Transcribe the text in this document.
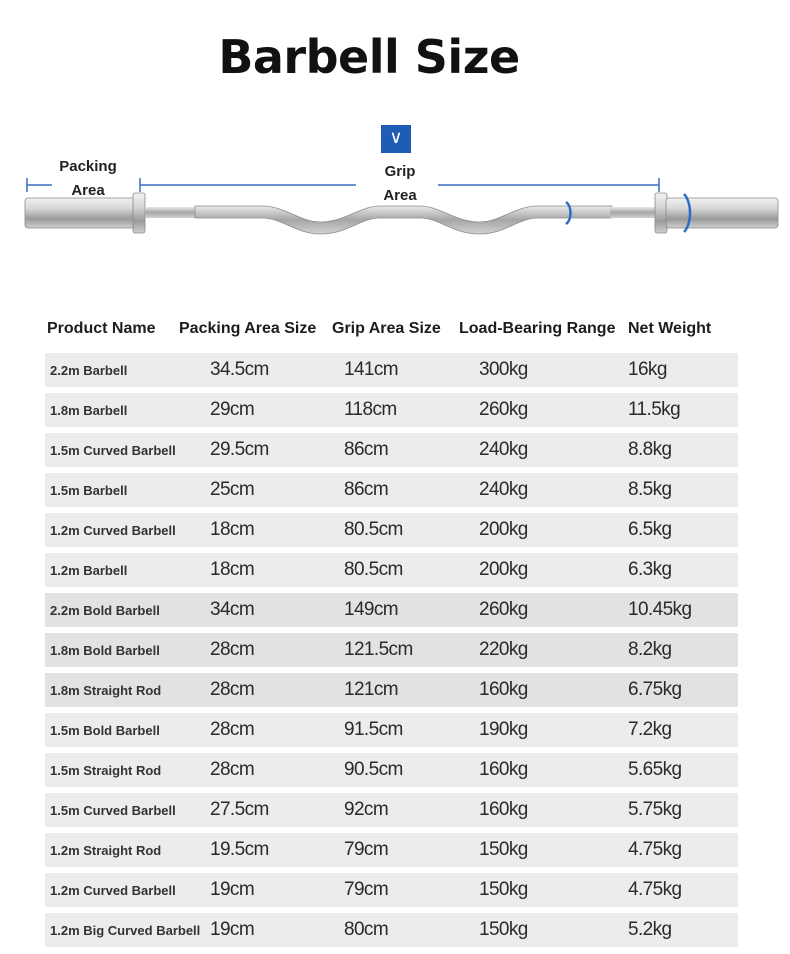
Barbell Size
Packing
Area
Grip
Area
∨
Product Name	Packing Area Size	Grip Area Size	Load-Bearing Range	Net Weight
2.2m Barbell	34.5cm	141cm	300kg	16kg
1.8m Barbell	29cm	118cm	260kg	11.5kg
1.5m Curved Barbell	29.5cm	86cm	240kg	8.8kg
1.5m Barbell	25cm	86cm	240kg	8.5kg
1.2m Curved Barbell	18cm	80.5cm	200kg	6.5kg
1.2m Barbell	18cm	80.5cm	200kg	6.3kg
2.2m Bold Barbell	34cm	149cm	260kg	10.45kg
1.8m Bold Barbell	28cm	121.5cm	220kg	8.2kg
1.8m Straight Rod	28cm	121cm	160kg	6.75kg
1.5m Bold Barbell	28cm	91.5cm	190kg	7.2kg
1.5m Straight Rod	28cm	90.5cm	160kg	5.65kg
1.5m Curved Barbell	27.5cm	92cm	160kg	5.75kg
1.2m Straight Rod	19.5cm	79cm	150kg	4.75kg
1.2m Curved Barbell	19cm	79cm	150kg	4.75kg
1.2m Big Curved Barbell	19cm	80cm	150kg	5.2kg
